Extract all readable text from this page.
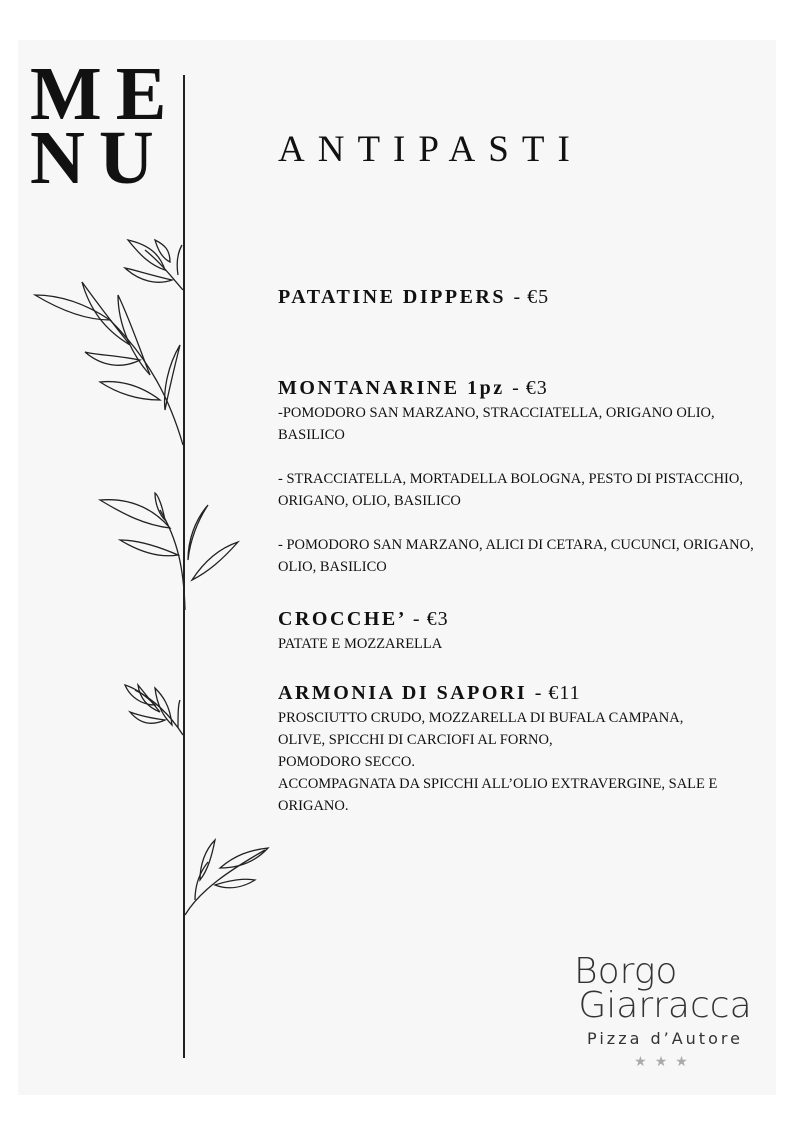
ME
NU	ANTIPASTI
PATATINE DIPPERS - €5
MONTANARINE 1pz - €3

-POMODORO SAN MARZANO, STRACCIATELLA, ORIGANO OLIO, BASILICO

- STRACCIATELLA, MORTADELLA BOLOGNA, PESTO DI PISTACCHIO, ORIGANO, OLIO, BASILICO

- POMODORO SAN MARZANO, ALICI DI CETARA, CUCUNCI, ORIGANO, OLIO, BASILICO

CROCCHE’ - €3

PATATE E MOZZARELLA

ARMONIA DI SAPORI - €11

PROSCIUTTO CRUDO, MOZZARELLA DI BUFALA CAMPANA,

OLIVE, SPICCHI DI CARCIOFI AL FORNO,

POMODORO SECCO.

ACCOMPAGNATA DA SPICCHI ALL’OLIO EXTRAVERGINE, SALE E ORIGANO.

Borgo
Giarracca
Pizza d’Autore
★★★
